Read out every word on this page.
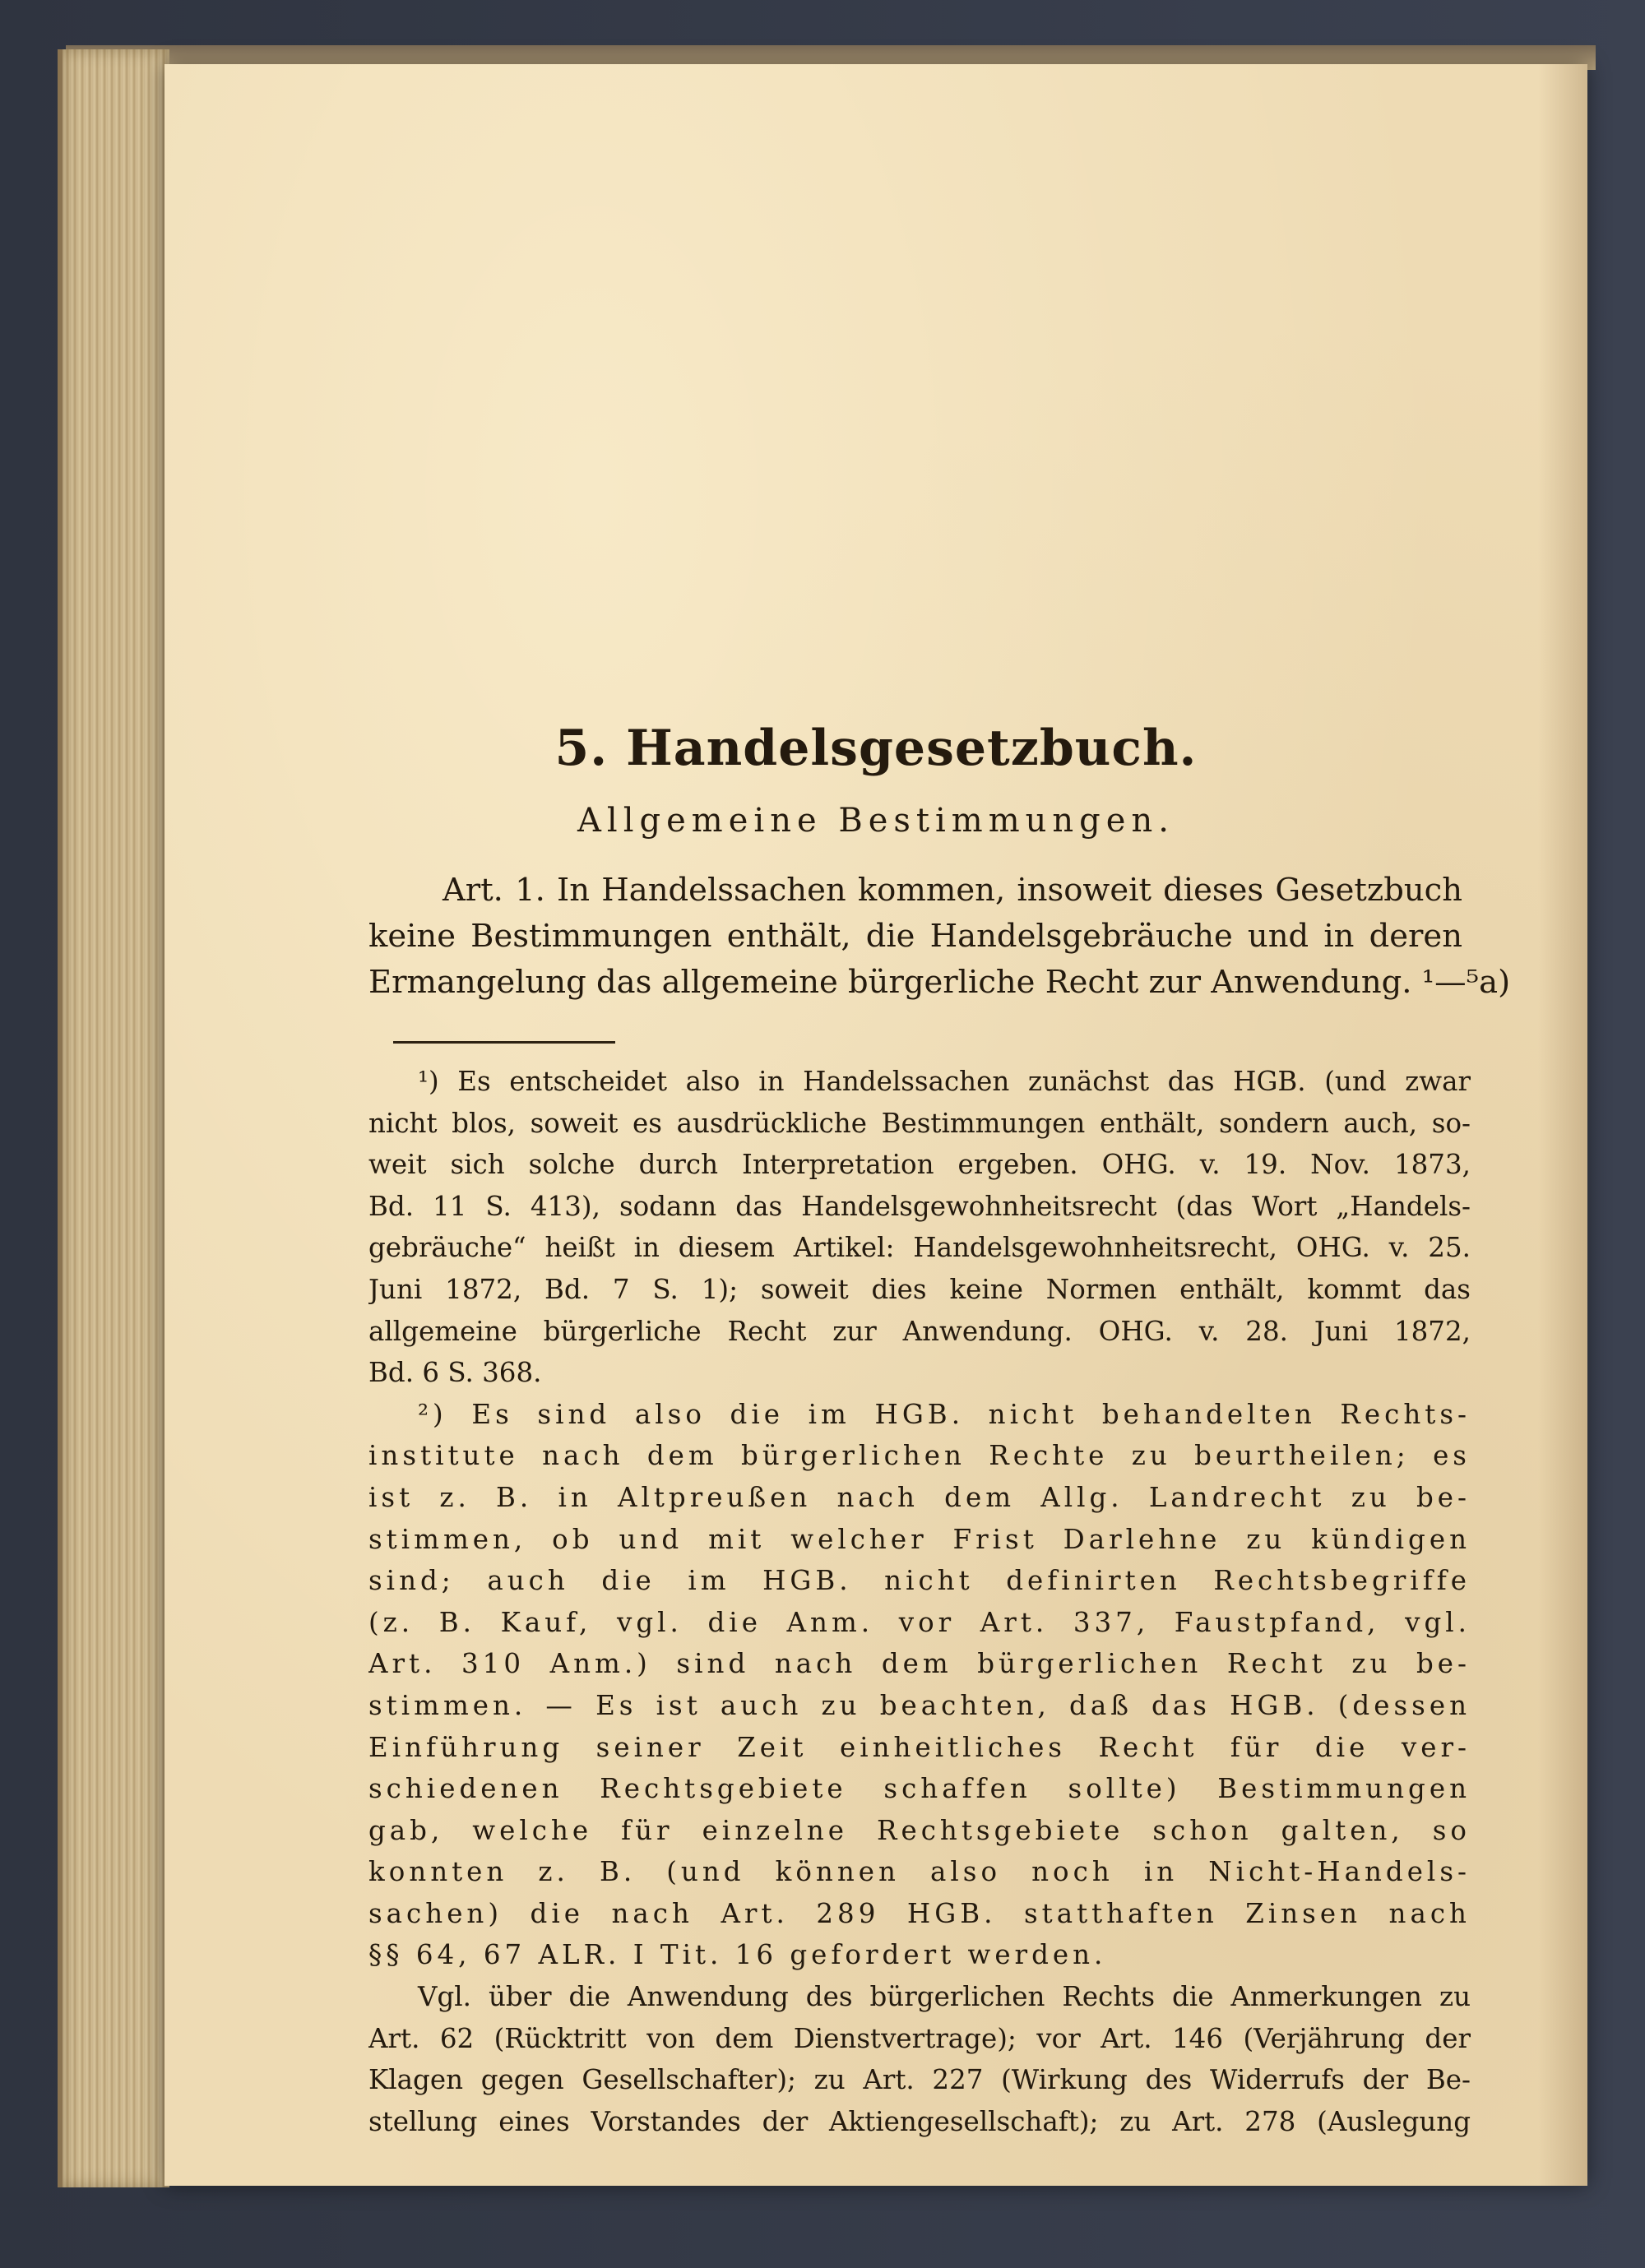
5. Handelsgesetzbuch.
Allgemeine Bestimmungen.
Art. 1. In Handelssachen kommen, insoweit dieses Gesetzbuch
keine Bestimmungen enthält, die Handelsgebräuche und in deren
Ermangelung das allgemeine bürgerliche Recht zur Anwendung. ¹—⁵a)
¹) Es entscheidet also in Handelssachen zunächst das HGB. (und zwar
nicht blos, soweit es ausdrückliche Bestimmungen enthält, sondern auch, so-
weit sich solche durch Interpretation ergeben. OHG. v. 19. Nov. 1873,
Bd. 11 S. 413), sodann das Handelsgewohnheitsrecht (das Wort „Handels-
gebräuche“ heißt in diesem Artikel: Handelsgewohnheitsrecht, OHG. v. 25.
Juni 1872, Bd. 7 S. 1); soweit dies keine Normen enthält, kommt das
allgemeine bürgerliche Recht zur Anwendung. OHG. v. 28. Juni 1872,
Bd. 6 S. 368.
²) Es sind also die im HGB. nicht behandelten Rechts-
institute nach dem bürgerlichen Rechte zu beurtheilen; es
ist z. B. in Altpreußen nach dem Allg. Landrecht zu be-
stimmen, ob und mit welcher Frist Darlehne zu kündigen
sind; auch die im HGB. nicht definirten Rechtsbegriffe
(z. B. Kauf, vgl. die Anm. vor Art. 337, Faustpfand, vgl.
Art. 310 Anm.) sind nach dem bürgerlichen Recht zu be-
stimmen. — Es ist auch zu beachten, daß das HGB. (dessen
Einführung seiner Zeit einheitliches Recht für die ver-
schiedenen Rechtsgebiete schaffen sollte) Bestimmungen
gab, welche für einzelne Rechtsgebiete schon galten, so
konnten z. B. (und können also noch in Nicht-Handels-
sachen) die nach Art. 289 HGB. statthaften Zinsen nach
§§ 64, 67 ALR. I Tit. 16 gefordert werden.
Vgl. über die Anwendung des bürgerlichen Rechts die Anmerkungen zu
Art. 62 (Rücktritt von dem Dienstvertrage); vor Art. 146 (Verjährung der
Klagen gegen Gesellschafter); zu Art. 227 (Wirkung des Widerrufs der Be-
stellung eines Vorstandes der Aktiengesellschaft); zu Art. 278 (Auslegung
